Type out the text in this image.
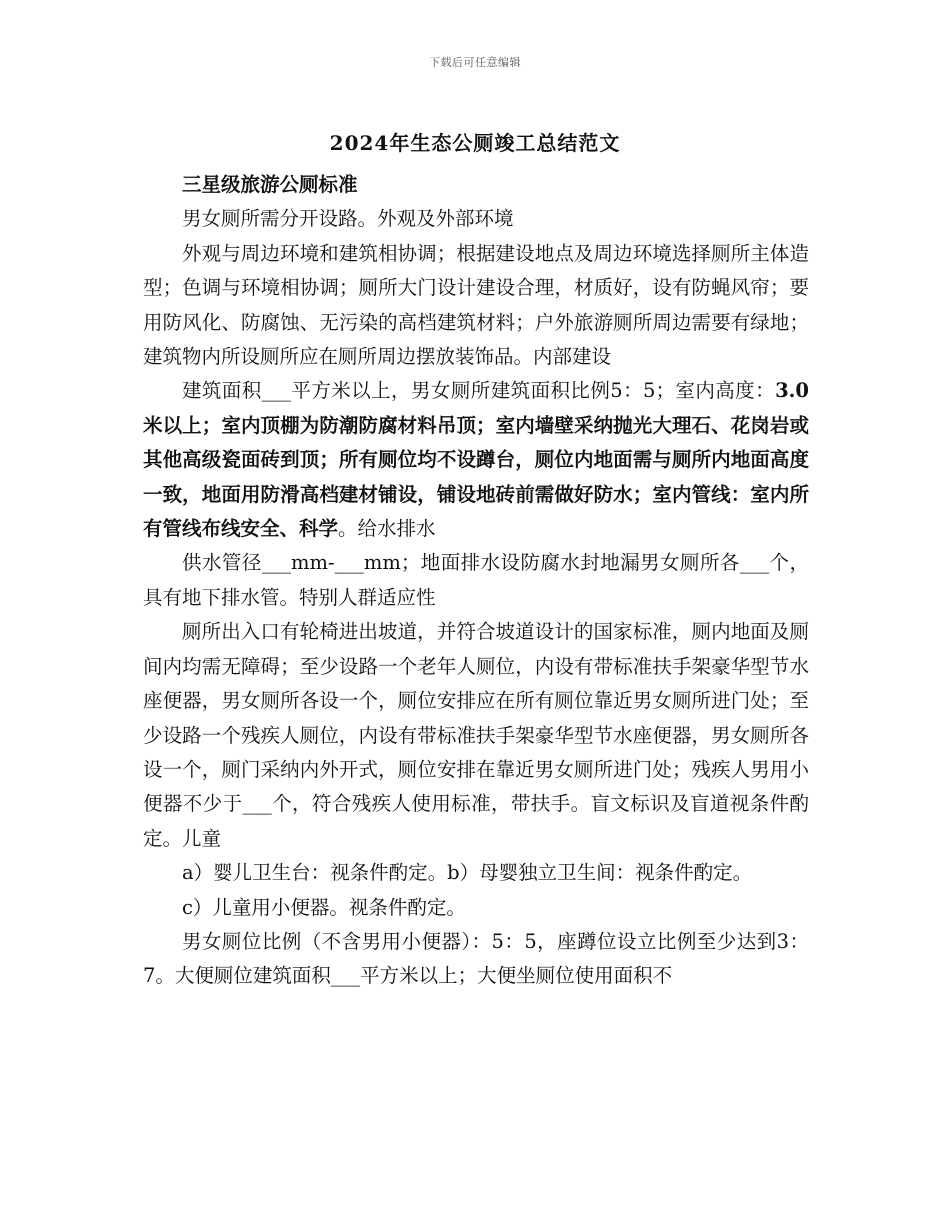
下载后可任意编辑
2024年生态公厕竣工总结范文

三星级旅游公厕标准

男女厕所需分开设路。外观及外部环境

外观与周边环境和建筑相协调；根据建设地点及周边环境选择厕所主体造型；色调与环境相协调；厕所大门设计建设合理，材质好，设有防蝇风帘；要用防风化、防腐蚀、无污染的高档建筑材料；户外旅游厕所周边需要有绿地；建筑物内所设厕所应在厕所周边摆放装饰品。内部建设

建筑面积___平方米以上，男女厕所建筑面积比例5：5；室内高度：3.0米以上；室内顶棚为防潮防腐材料吊顶；室内墙壁采纳抛光大理石、花岗岩或其他高级瓷面砖到顶；所有厕位均不设蹲台，厕位内地面需与厕所内地面高度一致，地面用防滑高档建材铺设，铺设地砖前需做好防水；室内管线：室内所有管线布线安全、科学。给水排水

供水管径___mm-___mm；地面排水设防腐水封地漏男女厕所各___个，具有地下排水管。特别人群适应性

厕所出入口有轮椅进出坡道，并符合坡道设计的国家标准，厕内地面及厕间内均需无障碍；至少设路一个老年人厕位，内设有带标准扶手架豪华型节水座便器，男女厕所各设一个，厕位安排应在所有厕位靠近男女厕所进门处；至少设路一个残疾人厕位，内设有带标准扶手架豪华型节水座便器，男女厕所各设一个，厕门采纳内外开式，厕位安排在靠近男女厕所进门处；残疾人男用小便器不少于___个，符合残疾人使用标准，带扶手。盲文标识及盲道视条件酌定。儿童

a）婴儿卫生台：视条件酌定。b）母婴独立卫生间：视条件酌定。

c）儿童用小便器。视条件酌定。

男女厕位比例（不含男用小便器）：5：5，座蹲位设立比例至少达到3：7。大便厕位建筑面积___平方米以上；大便坐厕位使用面积不
